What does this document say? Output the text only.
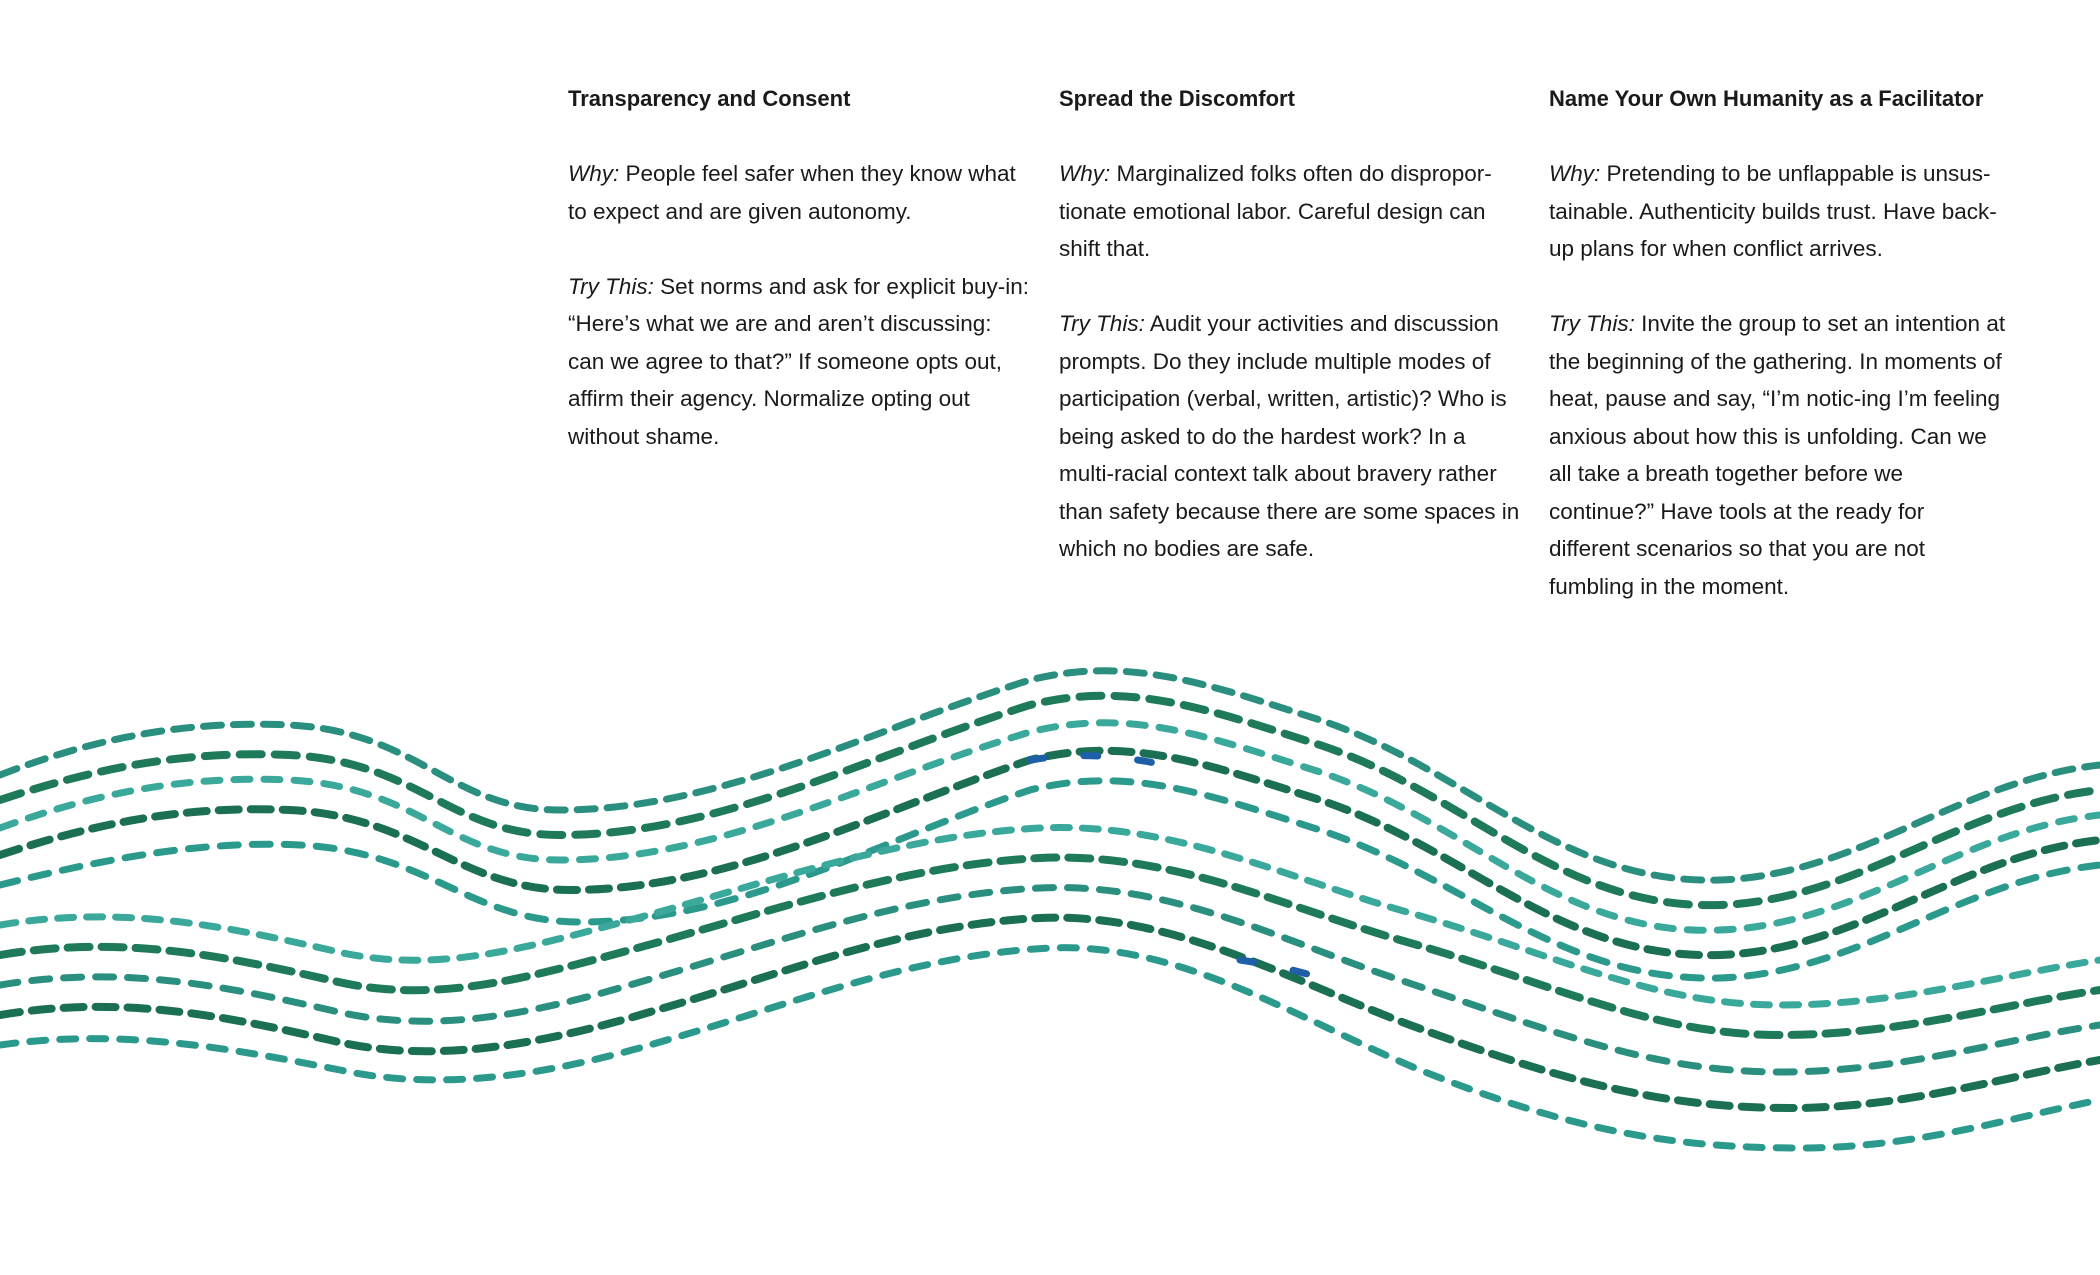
Transparency and Consent

Why: People feel safer when they know what to expect and are given autonomy.

Try This: Set norms and ask for explicit buy-in: “Here’s what we are and aren’t discussing: can we agree to that?” If someone opts out, affirm their agency. Normalize opting out without shame.

Spread the Discomfort

Why: Marginalized folks often do dispropor-tionate emotional labor. Careful design can shift that.

Try This: Audit your activities and discussion prompts. Do they include multiple modes of participation (verbal, written, artistic)? Who is being asked to do the hardest work? In a multi-racial context talk about bravery rather than safety because there are some spaces in which no bodies are safe.

Name Your Own Humanity as a Facilitator

Why: Pretending to be unflappable is unsus-tainable. Authenticity builds trust. Have back-up plans for when conflict arrives.

Try This: Invite the group to set an intention at the beginning of the gathering. In moments of heat, pause and say, “I’m notic-ing I’m feeling anxious about how this is unfolding. Can we all take a breath together before we continue?” Have tools at the ready for different scenarios so that you are not fumbling in the moment.
